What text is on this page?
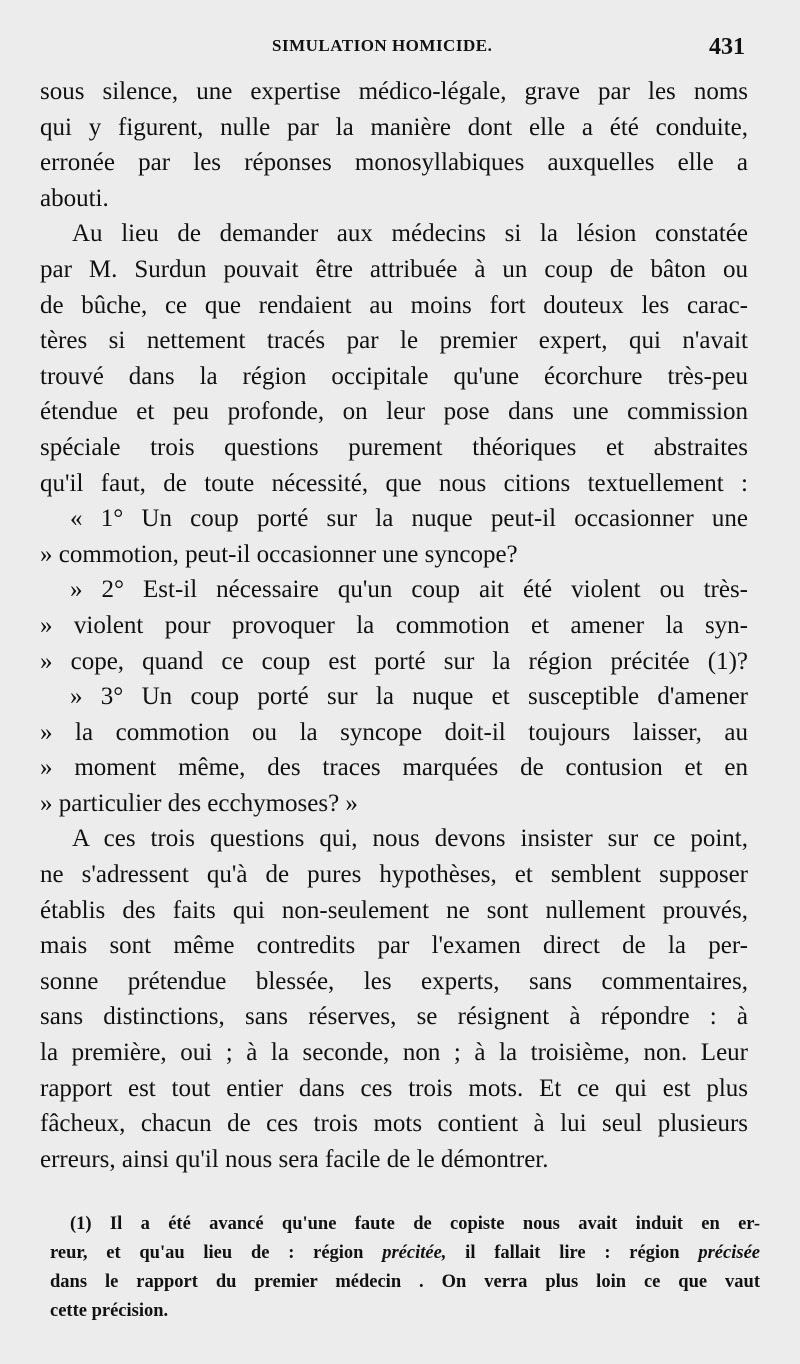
SIMULATION HOMICIDE.	431
sous silence, une expertise médico-légale, grave par les noms
qui y figurent, nulle par la manière dont elle a été conduite,
erronée par les réponses monosyllabiques auxquelles elle a
abouti.
Au lieu de demander aux médecins si la lésion constatée
par M. Surdun pouvait être attribuée à un coup de bâton ou
de bûche, ce que rendaient au moins fort douteux les carac-
tères si nettement tracés par le premier expert, qui n'avait
trouvé dans la région occipitale qu'une écorchure très-peu
étendue et peu profonde, on leur pose dans une commission
spéciale trois questions purement théoriques et abstraites
qu'il faut, de toute nécessité, que nous citions textuellement :
« 1° Un coup porté sur la nuque peut-il occasionner une
» commotion, peut-il occasionner une syncope?
» 2° Est-il nécessaire qu'un coup ait été violent ou très-
» violent pour provoquer la commotion et amener la syn-
» cope, quand ce coup est porté sur la région précitée (1)?
» 3° Un coup porté sur la nuque et susceptible d'amener
» la commotion ou la syncope doit-il toujours laisser, au
» moment même, des traces marquées de contusion et en
» particulier des ecchymoses? »
A ces trois questions qui, nous devons insister sur ce point,
ne s'adressent qu'à de pures hypothèses, et semblent supposer
établis des faits qui non-seulement ne sont nullement prouvés,
mais sont même contredits par l'examen direct de la per-
sonne prétendue blessée, les experts, sans commentaires,
sans distinctions, sans réserves, se résignent à répondre : à
la première, oui ; à la seconde, non ; à la troisième, non. Leur
rapport est tout entier dans ces trois mots. Et ce qui est plus
fâcheux, chacun de ces trois mots contient à lui seul plusieurs
erreurs, ainsi qu'il nous sera facile de le démontrer.
(1) Il a été avancé qu'une faute de copiste nous avait induit en er-
reur, et qu'au lieu de : région précitée, il fallait lire : région précisée
dans le rapport du premier médecin . On verra plus loin ce que vaut
cette précision.
